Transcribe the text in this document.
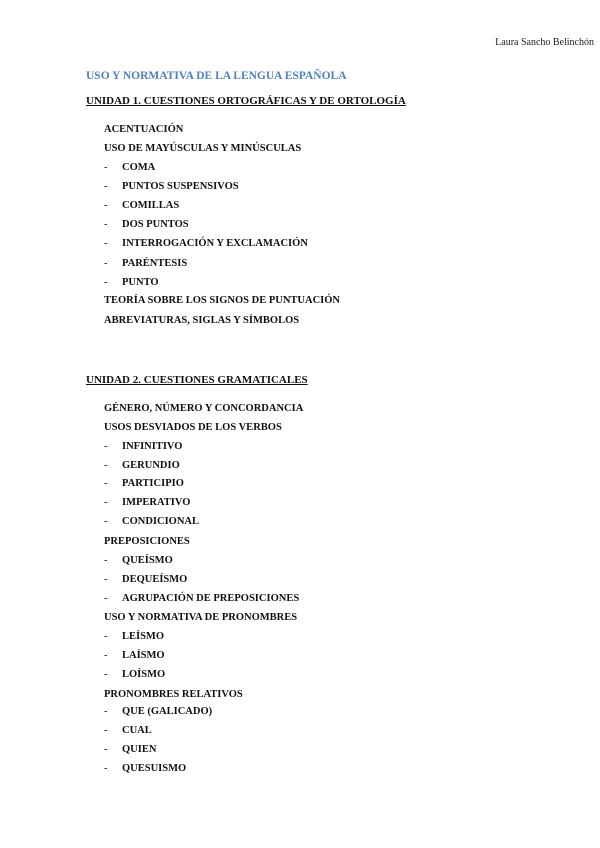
Laura Sancho Belinchón
USO Y NORMATIVA DE LA LENGUA ESPAÑOLA
UNIDAD 1. CUESTIONES ORTOGRÁFICAS Y DE ORTOLOGÍA
ACENTUACIÓN
USO DE MAYÚSCULAS Y MINÚSCULAS
- COMA
- PUNTOS SUSPENSIVOS
- COMILLAS
- DOS PUNTOS
- INTERROGACIÓN Y EXCLAMACIÓN
- PARÉNTESIS
- PUNTO
TEORÍA SOBRE LOS SIGNOS DE PUNTUACIÓN
ABREVIATURAS, SIGLAS Y SÍMBOLOS
UNIDAD 2. CUESTIONES GRAMATICALES
GÉNERO, NÚMERO Y CONCORDANCIA
USOS DESVIADOS DE LOS VERBOS
- INFINITIVO
- GERUNDIO
- PARTICIPIO
- IMPERATIVO
- CONDICIONAL
PREPOSICIONES
- QUEÍSMO
- DEQUEÍSMO
- AGRUPACIÓN DE PREPOSICIONES
USO Y NORMATIVA DE PRONOMBRES
- LEÍSMO
- LAÍSMO
- LOÍSMO
PRONOMBRES RELATIVOS
- QUE (GALICADO)
- CUAL
- QUIEN
- QUESUISMO
